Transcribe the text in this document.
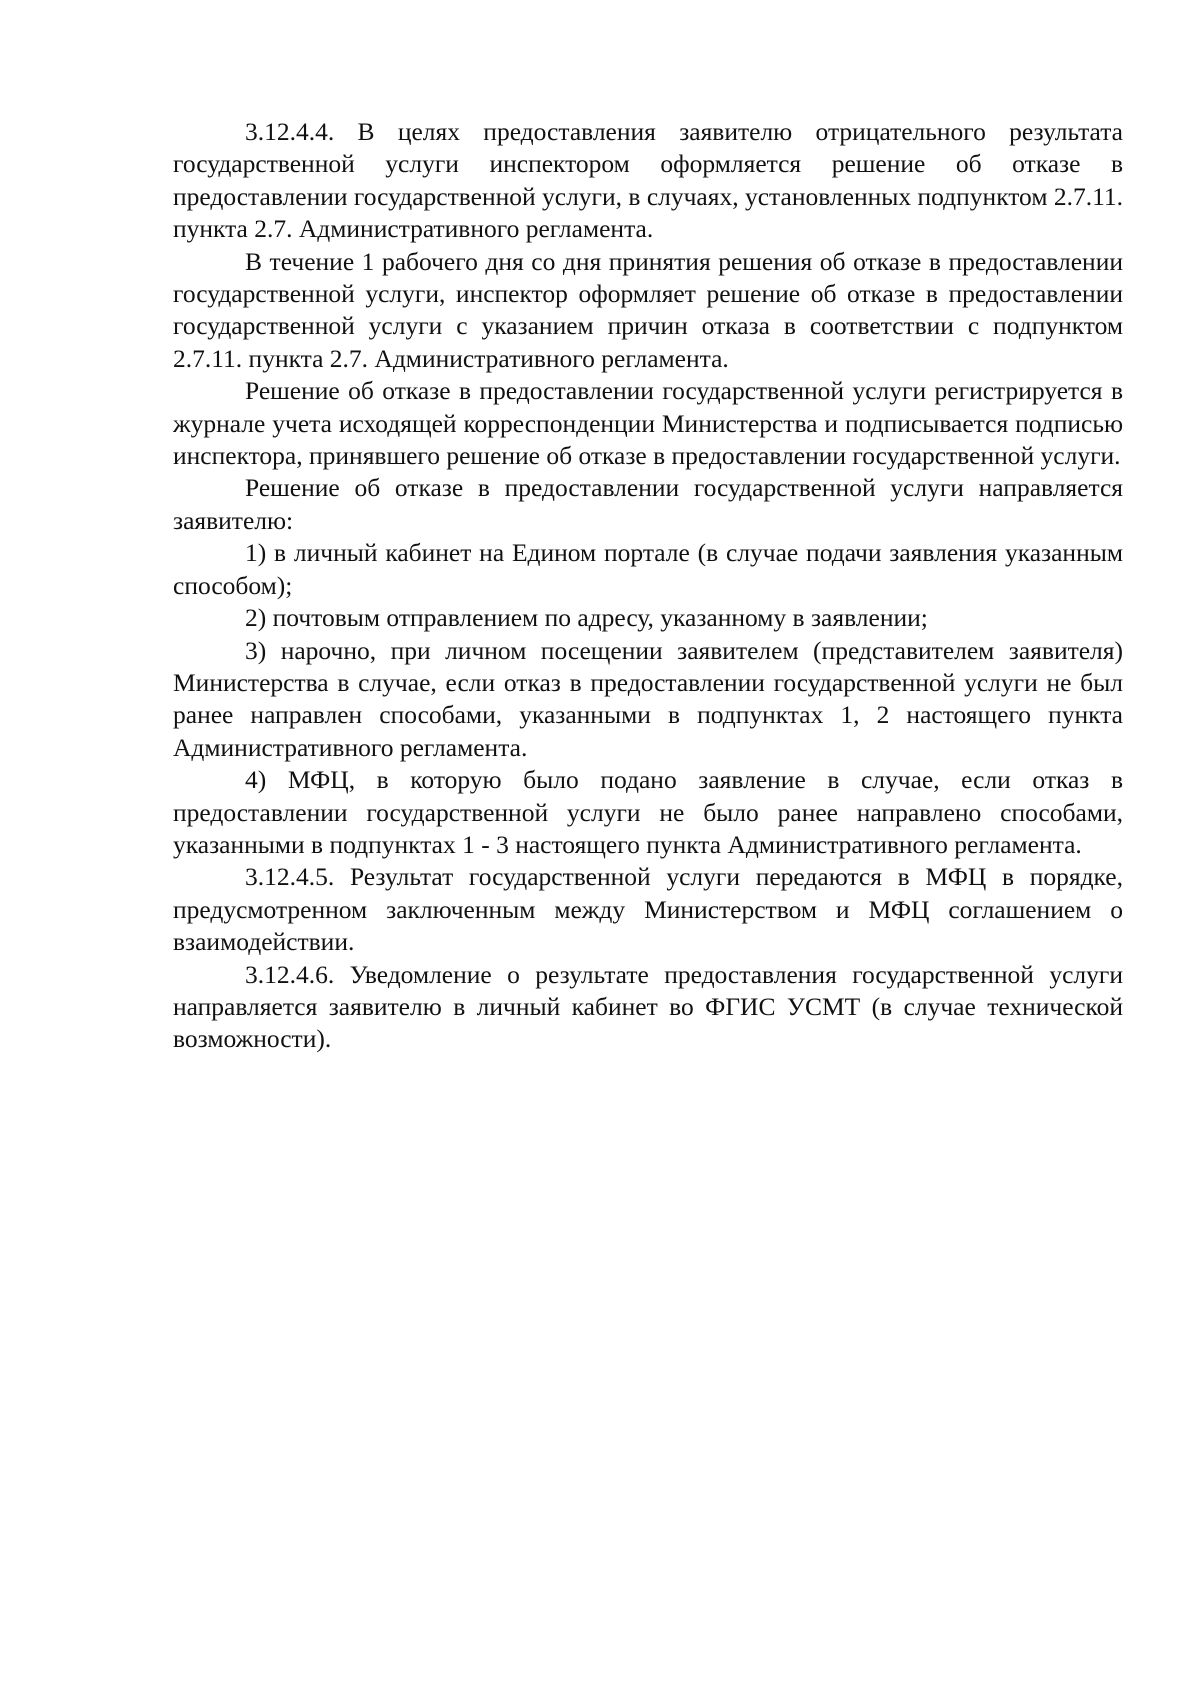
3.12.4.4. В целях предоставления заявителю отрицательного результата государственной услуги инспектором оформляется решение об отказе в предоставлении государственной услуги, в случаях, установленных подпунктом 2.7.11. пункта 2.7. Административного регламента.

В течение 1 рабочего дня со дня принятия решения об отказе в предоставлении государственной услуги, инспектор оформляет решение об отказе в предоставлении государственной услуги с указанием причин отказа в соответствии с подпунктом 2.7.11. пункта 2.7. Административного регламента.

Решение об отказе в предоставлении государственной услуги регистрируется в журнале учета исходящей корреспонденции Министерства и подписывается подписью инспектора, принявшего решение об отказе в предоставлении государственной услуги.

Решение об отказе в предоставлении государственной услуги направляется заявителю:

1) в личный кабинет на Едином портале (в случае подачи заявления указанным способом);

2) почтовым отправлением по адресу, указанному в заявлении;

3) нарочно, при личном посещении заявителем (представителем заявителя) Министерства в случае, если отказ в предоставлении государственной услуги не был ранее направлен способами, указанными в подпунктах 1, 2 настоящего пункта Административного регламента.

4) МФЦ, в которую было подано заявление в случае, если отказ в предоставлении государственной услуги не было ранее направлено способами, указанными в подпунктах 1 - 3 настоящего пункта Административного регламента.

3.12.4.5. Результат государственной услуги передаются в МФЦ в порядке, предусмотренном заключенным между Министерством и МФЦ соглашением о взаимодействии.

3.12.4.6. Уведомление о результате предоставления государственной услуги направляется заявителю в личный кабинет во ФГИС УСМТ (в случае технической возможности).
